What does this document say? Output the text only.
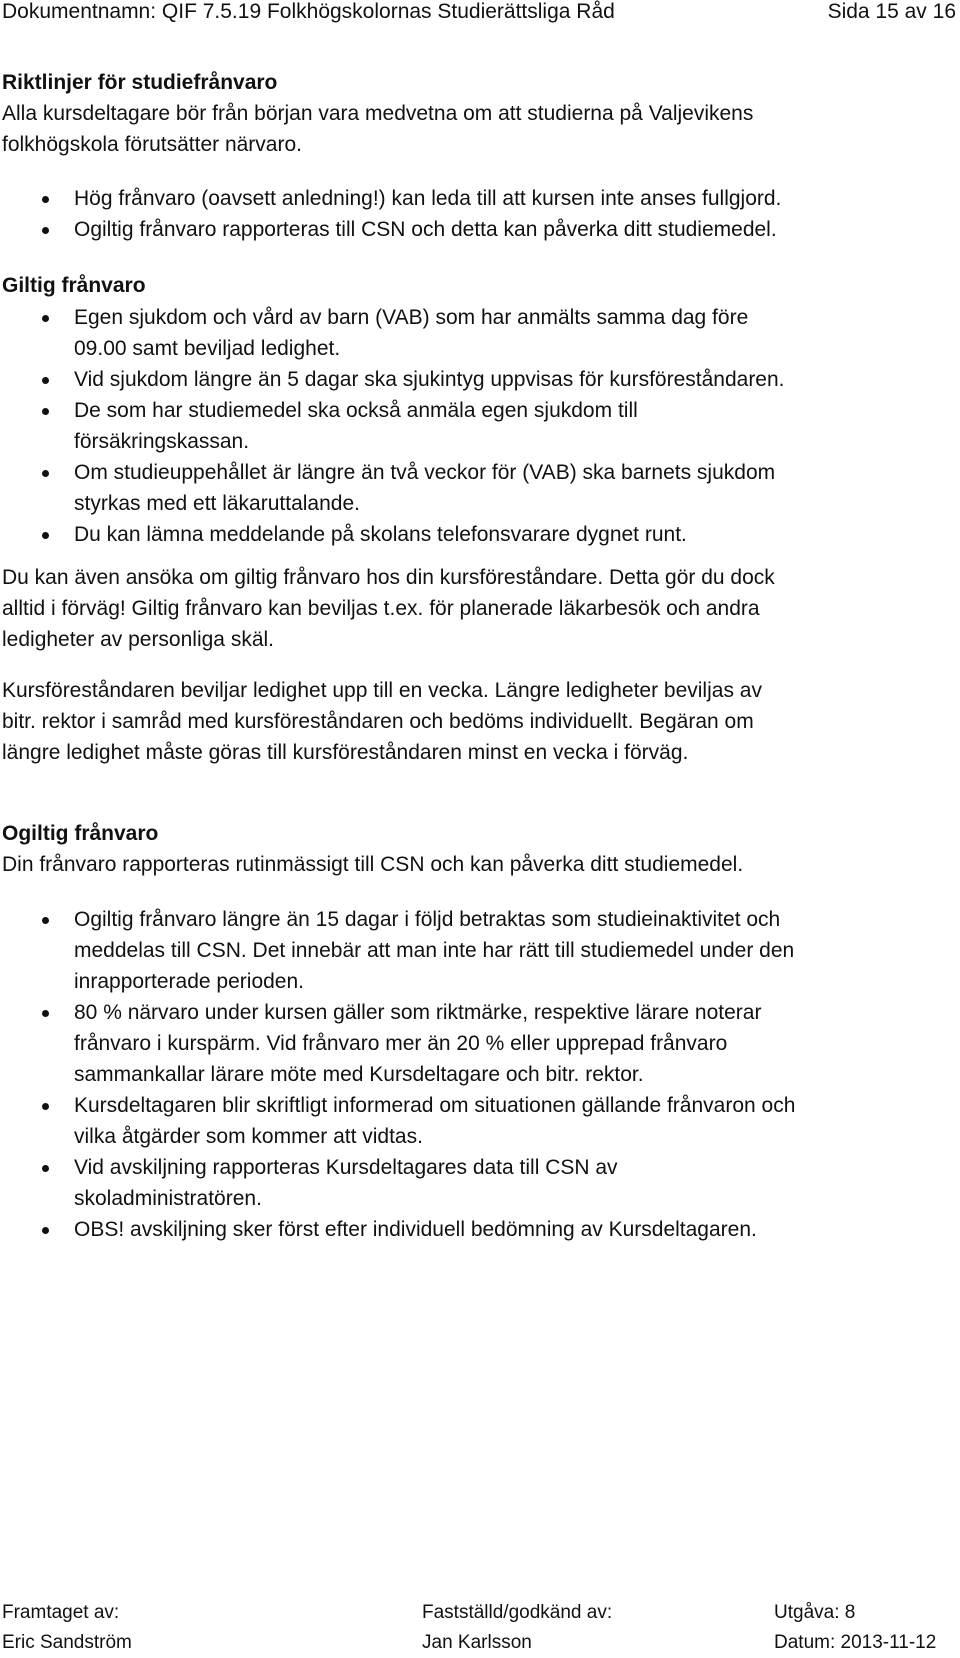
Dokumentnamn: QIF 7.5.19 Folkhögskolornas Studierättsliga Råd	Sida 15 av 16
Riktlinjer för studiefrånvaro
Alla kursdeltagare bör från början vara medvetna om att studierna på Valjevikens
folkhögskola förutsätter närvaro.
Hög frånvaro (oavsett anledning!) kan leda till att kursen inte anses fullgjord.
Ogiltig frånvaro rapporteras till CSN och detta kan påverka ditt studiemedel.
Giltig frånvaro
Egen sjukdom och vård av barn (VAB) som har anmälts samma dag före
09.00 samt beviljad ledighet.
Vid sjukdom längre än 5 dagar ska sjukintyg uppvisas för kursföreståndaren.
De som har studiemedel ska också anmäla egen sjukdom till
försäkringskassan.
Om studieuppehållet är längre än två veckor för (VAB) ska barnets sjukdom
styrkas med ett läkaruttalande.
Du kan lämna meddelande på skolans telefonsvarare dygnet runt.
Du kan även ansöka om giltig frånvaro hos din kursföreståndare. Detta gör du dock
alltid i förväg! Giltig frånvaro kan beviljas t.ex. för planerade läkarbesök och andra
ledigheter av personliga skäl.
Kursföreståndaren beviljar ledighet upp till en vecka. Längre ledigheter beviljas av
bitr. rektor i samråd med kursföreståndaren och bedöms individuellt. Begäran om
längre ledighet måste göras till kursföreståndaren minst en vecka i förväg.
Ogiltig frånvaro
Din frånvaro rapporteras rutinmässigt till CSN och kan påverka ditt studiemedel.
Ogiltig frånvaro längre än 15 dagar i följd betraktas som studieinaktivitet och
meddelas till CSN. Det innebär att man inte har rätt till studiemedel under den
inrapporterade perioden.
80 % närvaro under kursen gäller som riktmärke, respektive lärare noterar
frånvaro i kurspärm. Vid frånvaro mer än 20 % eller upprepad frånvaro
sammankallar lärare möte med Kursdeltagare och bitr. rektor.
Kursdeltagaren blir skriftligt informerad om situationen gällande frånvaron och
vilka åtgärder som kommer att vidtas.
Vid avskiljning rapporteras Kursdeltagares data till CSN av
skoladministratören.
OBS! avskiljning sker först efter individuell bedömning av Kursdeltagaren.
Framtaget av:
Eric Sandström
Fastställd/godkänd av:
Jan Karlsson
Utgåva: 8
Datum: 2013-11-12
